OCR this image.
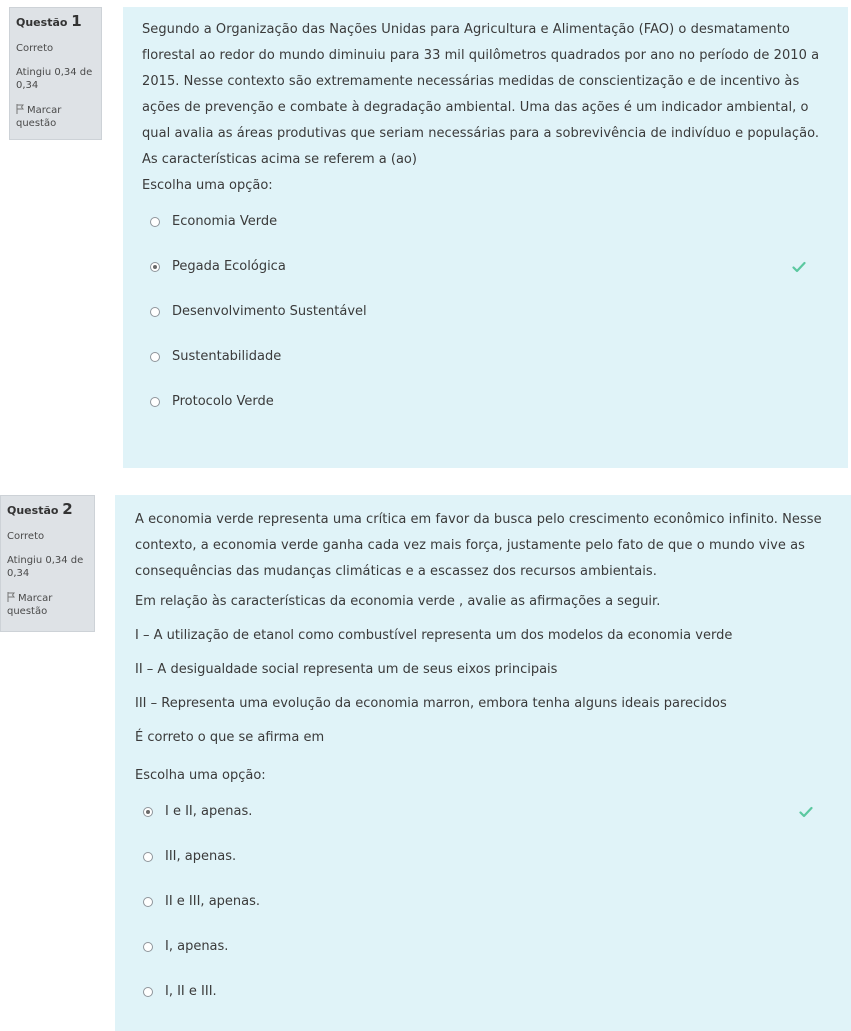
Questão 1
Correto
Atingiu 0,34 de 0,34
Marcar questão

Segundo a Organização das Nações Unidas para Agricultura e Alimentação (FAO) o desmatamento florestal ao redor do mundo diminuiu para 33 mil quilômetros quadrados por ano no período de 2010 a 2015. Nesse contexto são extremamente necessárias medidas de conscientização e de incentivo às ações de prevenção e combate à degradação ambiental. Uma das ações é um indicador ambiental, o qual avalia as áreas produtivas que seriam necessárias para a sobrevivência de indivíduo e população.

As características acima se referem a (ao)

Escolha uma opção:

Economia Verde
Pegada Ecológica
Desenvolvimento Sustentável
Sustentabilidade
Protocolo Verde
Questão 2
Correto
Atingiu 0,34 de 0,34
Marcar questão

A economia verde representa uma crítica em favor da busca pelo crescimento econômico infinito. Nesse contexto, a economia verde ganha cada vez mais força, justamente pelo fato de que o mundo vive as consequências das mudanças climáticas e a escassez dos recursos ambientais.

Em relação às características da economia verde , avalie as afirmações a seguir.

I – A utilização de etanol como combustível representa um dos modelos da economia verde

II – A desigualdade social representa um de seus eixos principais

III – Representa uma evolução da economia marron, embora tenha alguns ideais parecidos

É correto o que se afirma em

Escolha uma opção:

I e II, apenas.
III, apenas.
II e III, apenas.
I, apenas.
I, II e III.
